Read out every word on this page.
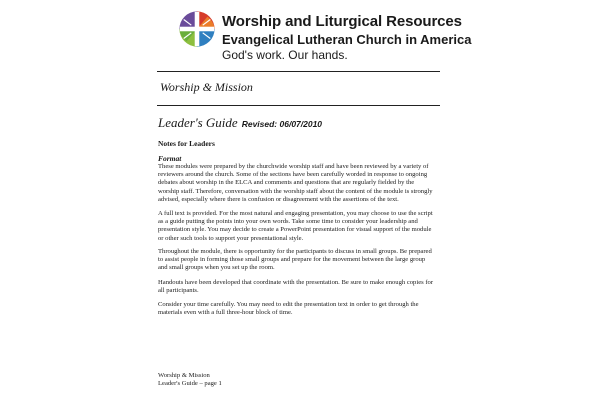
Worship and Liturgical Resources
Evangelical Lutheran Church in America
God's work. Our hands.
Worship & Mission
Leader's Guide Revised: 06/07/2010
Notes for Leaders
Format
These modules were prepared by the churchwide worship staff and have been reviewed by a variety of
reviewers around the church. Some of the sections have been carefully worded in response to ongoing
debates about worship in the ELCA and comments and questions that are regularly fielded by the
worship staff. Therefore, conversation with the worship staff about the content of the module is strongly
advised, especially where there is confusion or disagreement with the assertions of the text.
A full text is provided. For the most natural and engaging presentation, you may choose to use the script
as a guide putting the points into your own words. Take some time to consider your leadership and
presentation style. You may decide to create a PowerPoint presentation for visual support of the module
or other such tools to support your presentational style.
Throughout the module, there is opportunity for the participants to discuss in small groups. Be prepared
to assist people in forming those small groups and prepare for the movement between the large group
and small groups when you set up the room.
Handouts have been developed that coordinate with the presentation. Be sure to make enough copies for
all participants.
Consider your time carefully. You may need to edit the presentation text in order to get through the
materials even with a full three-hour block of time.
Worship & Mission
Leader's Guide – page 1
